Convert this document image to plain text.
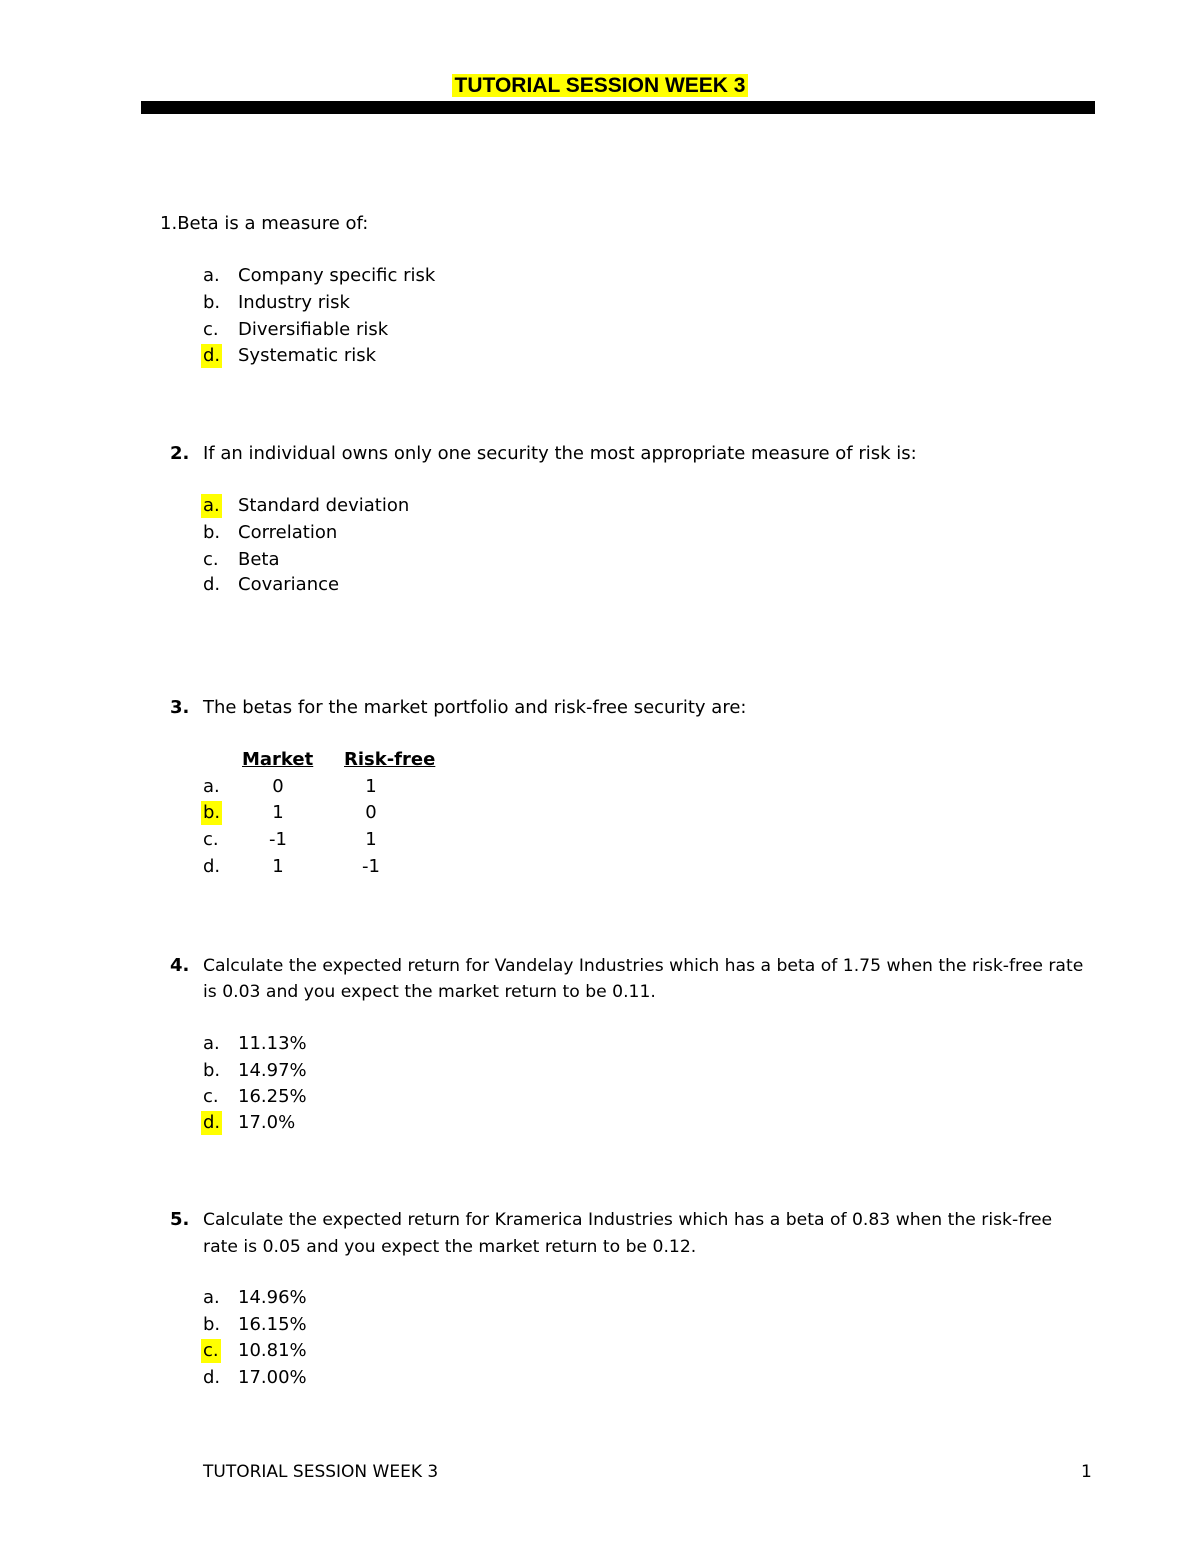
TUTORIAL SESSION WEEK 3
1.Beta is a measure of:
a. Company specific risk
b. Industry risk
c. Diversifiable risk
d. Systematic risk
2. If an individual owns only one security the most appropriate measure of risk is:
a. Standard deviation
b. Correlation
c. Beta
d. Covariance
3. The betas for the market portfolio and risk-free security are:
Market Risk-free
a.	0	1
b.	1	0
c.	-1	1
d.	1	-1
4. Calculate the expected return for Vandelay Industries which has a beta of 1.75 when the risk-free rate
is 0.03 and you expect the market return to be 0.11.
a. 11.13%
b. 14.97%
c. 16.25%
d. 17.0%
5. Calculate the expected return for Kramerica Industries which has a beta of 0.83 when the risk-free
rate is 0.05 and you expect the market return to be 0.12.
a. 14.96%
b. 16.15%
c. 10.81%
d. 17.00%
TUTORIAL SESSION WEEK 3	1
